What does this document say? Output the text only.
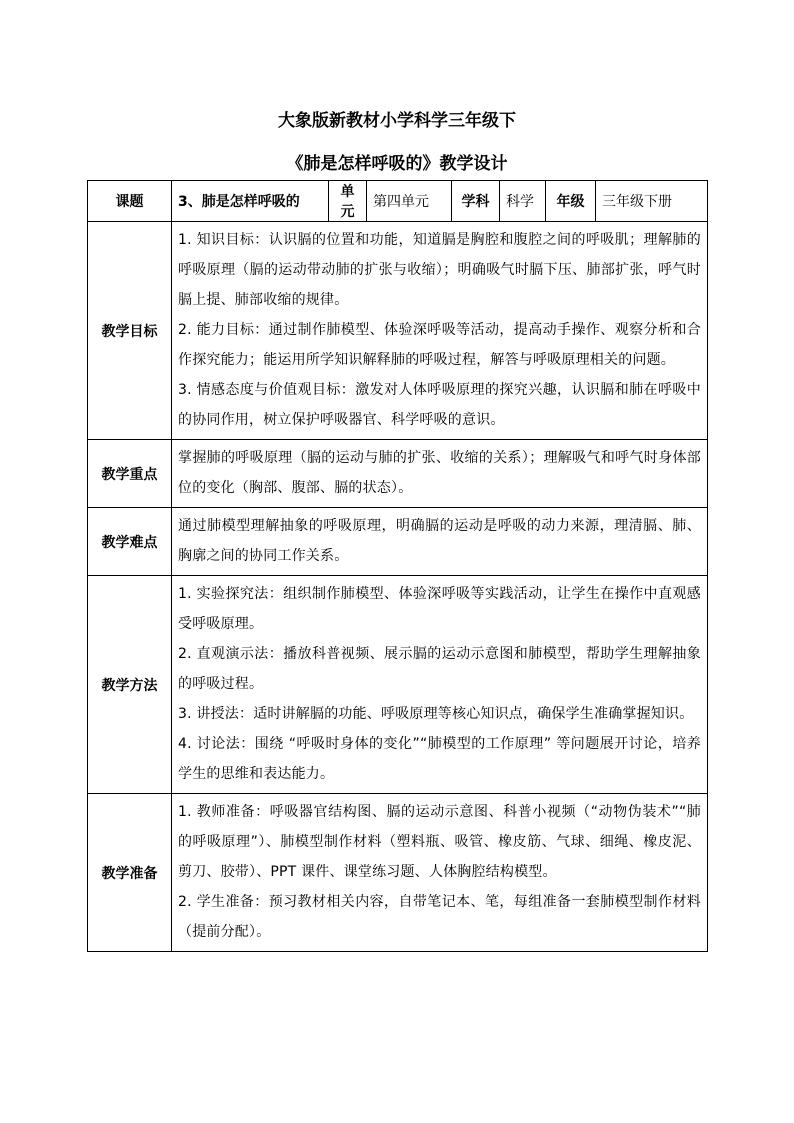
大象版新教材小学科学三年级下
《肺是怎样呼吸的》教学设计
课题	3、肺是怎样呼吸的	单元	第四单元	学科	科学	年级	三年级下册
教学目标	1. 知识目标：认识膈的位置和功能，知道膈是胸腔和腹腔之间的呼吸肌；理解肺的呼吸原理（膈的运动带动肺的扩张与收缩）；明确吸气时膈下压、肺部扩张，呼气时膈上提、肺部收缩的规律。

2. 能力目标：通过制作肺模型、体验深呼吸等活动，提高动手操作、观察分析和合作探究能力；能运用所学知识解释肺的呼吸过程，解答与呼吸原理相关的问题。

3. 情感态度与价值观目标：激发对人体呼吸原理的探究兴趣，认识膈和肺在呼吸中的协同作用，树立保护呼吸器官、科学呼吸的意识。						

教学重点	掌握肺的呼吸原理（膈的运动与肺的扩张、收缩的关系）；理解吸气和呼气时身体部位的变化（胸部、腹部、膈的状态）。						

教学难点	通过肺模型理解抽象的呼吸原理，明确膈的运动是呼吸的动力来源，理清膈、肺、胸廓之间的协同工作关系。						

教学方法	1. 实验探究法：组织制作肺模型、体验深呼吸等实践活动，让学生在操作中直观感受呼吸原理。

2. 直观演示法：播放科普视频、展示膈的运动示意图和肺模型，帮助学生理解抽象的呼吸过程。

3. 讲授法：适时讲解膈的功能、呼吸原理等核心知识点，确保学生准确掌握知识。

4. 讨论法：围绕 “呼吸时身体的变化”“肺模型的工作原理” 等问题展开讨论，培养学生的思维和表达能力。						

教学准备	1. 教师准备：呼吸器官结构图、膈的运动示意图、科普小视频（“动物伪装术”“肺的呼吸原理”）、肺模型制作材料（塑料瓶、吸管、橡皮筋、气球、细绳、橡皮泥、剪刀、胶带）、PPT 课件、课堂练习题、人体胸腔结构模型。

2. 学生准备：预习教材相关内容，自带笔记本、笔，每组准备一套肺模型制作材料（提前分配）。						
